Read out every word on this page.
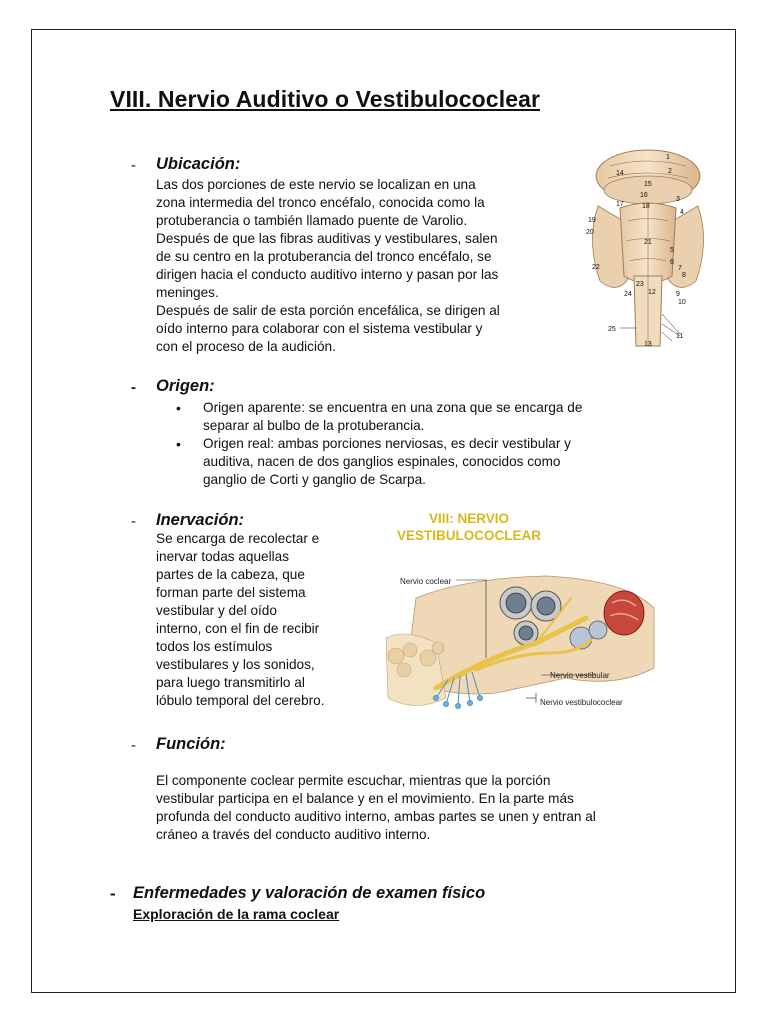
VIII. Nervio Auditivo o Vestibulococlear
- Ubicación:
Las dos porciones de este nervio se localizan en una
zona intermedia del tronco encéfalo, conocida como la
protuberancia o también llamado puente de Varolio.
Después de que las fibras auditivas y vestibulares, salen
de su centro en la protuberancia del tronco encéfalo, se
dirigen hacia el conducto auditivo interno y pasan por las
meninges.
Después de salir de esta porción encefálica, se dirigen al
oído interno para colaborar con el sistema vestibular y
con el proceso de la audición.
1
14	2
15
16
18
17
3
4
19
20
21
5
22
6
7
8
23
12
24	9
10
25
13
11
- Origen:
• Origen aparente: se encuentra en una zona que se encarga de
separar al bulbo de la protuberancia.
• Origen real: ambas porciones nerviosas, es decir vestibular y
auditiva, nacen de dos ganglios espinales, conocidos como
ganglio de Corti y ganglio de Scarpa.
- Inervación:
Se encarga de recolectar e
inervar todas aquellas
partes de la cabeza, que
forman parte del sistema
vestibular y del oído
interno, con el fin de recibir
todos los estímulos
vestibulares y los sonidos,
para luego transmitirlo al
lóbulo temporal del cerebro.
VIII: NERVIO
VESTIBULOCOCLEAR
Nervio coclear
Nervio vestibular
Nervio vestibulococlear
- Función:
El componente coclear permite escuchar, mientras que la porción
vestibular participa en el balance y en el movimiento. En la parte más
profunda del conducto auditivo interno, ambas partes se unen y entran al
cráneo a través del conducto auditivo interno.
- Enfermedades y valoración de examen físico
Exploración de la rama coclear
